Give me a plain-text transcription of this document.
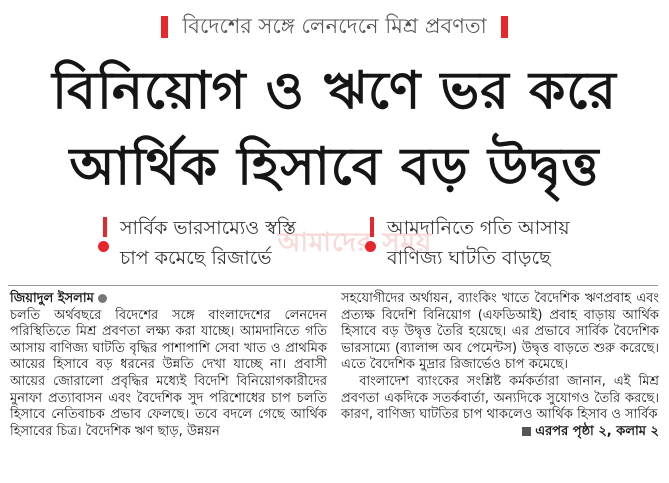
বিদেশের সঙ্গে লেনদেনে মিশ্র প্রবণতা
বিনিয়োগ ও ঋণে ভর করে
আর্থিক হিসাবে বড় উদ্বৃত্ত
সার্বিক ভারসাম্যেও স্বস্তি
চাপ কমেছে রিজার্ভে
আমদানিতে গতি আসায়
বাণিজ্য ঘাটতি বাড়ছে
আমাদের সময়

জিয়াদুল ইসলাম

চলতি অর্থবছরে বিদেশের সঙ্গে বাংলাদেশের লেনদেন পরিস্থিতিতে মিশ্র প্রবণতা লক্ষ্য করা যাচ্ছে। আমদানিতে গতি আসায় বাণিজ্য ঘাটতি বৃদ্ধির পাশাপাশি সেবা খাত ও প্রাথমিক আয়ের হিসাবে বড় ধরনের উন্নতি দেখা যাচ্ছে না। প্রবাসী আয়ের জোরালো প্রবৃদ্ধির মধ্যেই বিদেশি বিনিয়োগকারীদের মুনাফা প্রত্যাবাসন এবং বৈদেশিক সুদ পরিশোধের চাপ চলতি হিসাবে নেতিবাচক প্রভাব ফেলছে। তবে বদলে গেছে আর্থিক হিসাবের চিত্র। বৈদেশিক ঋণ ছাড়, উন্নয়ন

সহযোগীদের অর্থায়ন, ব্যাংকিং খাতে বৈদেশিক ঋণপ্রবাহ এবং প্রত্যক্ষ বিদেশি বিনিয়োগ (এফডিআই) প্রবাহ বাড়ায় আর্থিক হিসাবে বড় উদ্বৃত্ত তৈরি হয়েছে। এর প্রভাবে সার্বিক বৈদেশিক ভারসাম্যে (ব্যালান্স অব পেমেন্টস) উদ্বৃত্ত বাড়তে শুরু করেছে। এতে বৈদেশিক মুদ্রার রিজার্ভেও চাপ কমেছে।

বাংলাদেশ ব্যাংকের সংশ্লিষ্ট কর্মকর্তারা জানান, এই মিশ্র প্রবণতা একদিকে সতর্কবার্তা, অন্যদিকে সুযোগও তৈরি করছে। কারণ, বাণিজ্য ঘাটতির চাপ থাকলেও আর্থিক হিসাব ও সার্বিক

এরপর পৃষ্ঠা ২, কলাম ২
